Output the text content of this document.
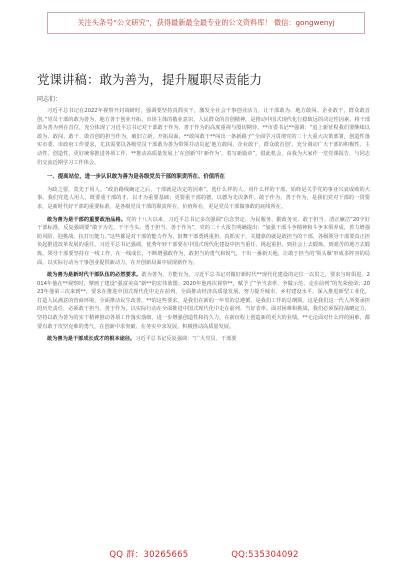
关注头条号“公文研究”，获得最新最全最专业的公文资料库！ 微信：gongwenyj
党课讲稿：敢为善为，提升履职尽责能力
同志们：

习近平总书记在2022年视察开封调研时，强调要坚持真抓实干，激发全社会干事创业活力，让干部敢为、地方敢闯、企业敢干、群众敢首创。”党员干部的敢为善为，地方善于创业开拓、市场主体的敬业意识、人民群众的首创精神，是推动中国式现代化行稳致远的决定性因素。将干部敢为善为列在首位，充分体现了习近平总书记对干部敢于作为、善于作为的高度重视与殷切期待。**市委书记**强调：“追上新征程我们要继续以敢为、敢闯、敢干、敢首创的担当作为，破旧立新，开拓局面，**敢闯敢干**闯出一条新路子”全面学习贯彻党的二十大重大决策部署，创造性落实市委、市政府工作要求，尤其需要以各级党员干部敢为善为带领并动员起‘地方敢闯、企业敢干、群众敢首创’，充分调动广大干部的积极性、主动性、创造性，更好统筹推进各项工作，**推动高质量发展上‘在创新’中‘新作为’，着写新篇章”。借此机会，由我为大家作一堂党课报告，与同志们交流近期学习工作体会。

一、提高站位，进一步认识敢为善为是各级党员干部的职责所在、价值所在

为政之要，莫先于用人。“政治路线确定之后，干部就是决定的因素”。选什么样的人、用什么样的干部，始终是关乎党的事业兴衰成败的大事。我们党选人用人，既要重干部的才，以才为重要基础；更要重干部的德，以德为先决条件。敢于作为，善于作为，是我们党对干部的一贯要求，是新时代好干部的重要标准，是各级党员干部的职责所在，价值所在，更是党员干部做事敢的底线所在。

敢为善为是干部的重要政治品格。党的十八大以来，习近平总书记多次强调“信念坚定、为民服务、勤政务实、敢于担当、清正廉洁”20字好干部标准，反复强调要“敢字为先、干字当头、勇于担当，善于作为”。党的二十大报告明确提出：“加强干部斗争精神和斗争本领养成，着力增强防风险、迎挑战、抗打压能力。”这些都是对干部的能力作为，鼓舞干部勇挑重担、真抓实干，关键靠的就是敢担当的干部，各级领导干部要真正担负起推进改革发展的重任。习近平总书记强调，优秀年轻干部要在中国式现代化建设中担当重任、挑起重担，到社会上去锻炼，到艰苦的地方去锻炼。领导干部要坚持在一线工作，在一线成长，不断增强敢作为，敢担当的勇气和锐气，干出一番新天地，让敢于担当的‘领头雁’形成多阵容的局面。以实际行动为干事创业提供新动力，在开创新局面中展现新作为。

敢为善为是新时代干部队伍的必然要求。敢为善为，方能有为。习近平总书记对做好新时代**现代化建设的定位一以贯之，要求与时俱进。2014年他在**视察时，擘画了建设“强富美高”新**的宏伟蓝图；2020年他再次视察**，赋予了“争当表率、争做示范、走在前列”的光荣使命；2023年他第三次来到**，要求在推进中国式现代化中走在前列，全面推动经济高质量发展，努力提升城市、乡村建设水平，深入推进新型工业化，打造人民满意的营商环境，全面推动民生改善。**的这些要求，是我们在新的一年里的总遵循，是我们工作的总纲领。这是我们这一代人所要承担的历史责任，必须敢于担当、善于作为，以实际行动在全面推进中国式现代化中走在前列、当好表率。面对困难和挑战，我们必须保持战略定力，坚持以敢为善为的实干精神推动各项工作落实落细，进一步增强创造性和持久力，在新征程上创造新的更大的业绩。**无论面对什么样的困难，都要有敢于攻坚克难的勇气，在创新中求突破、在务实中求发展，积极推动高质量发展。

敢为善为是干部成长成才的根本途径。习近平总书记反复强调：“广大党员、干部要

QQ 群：30265665	QQ:535304092
